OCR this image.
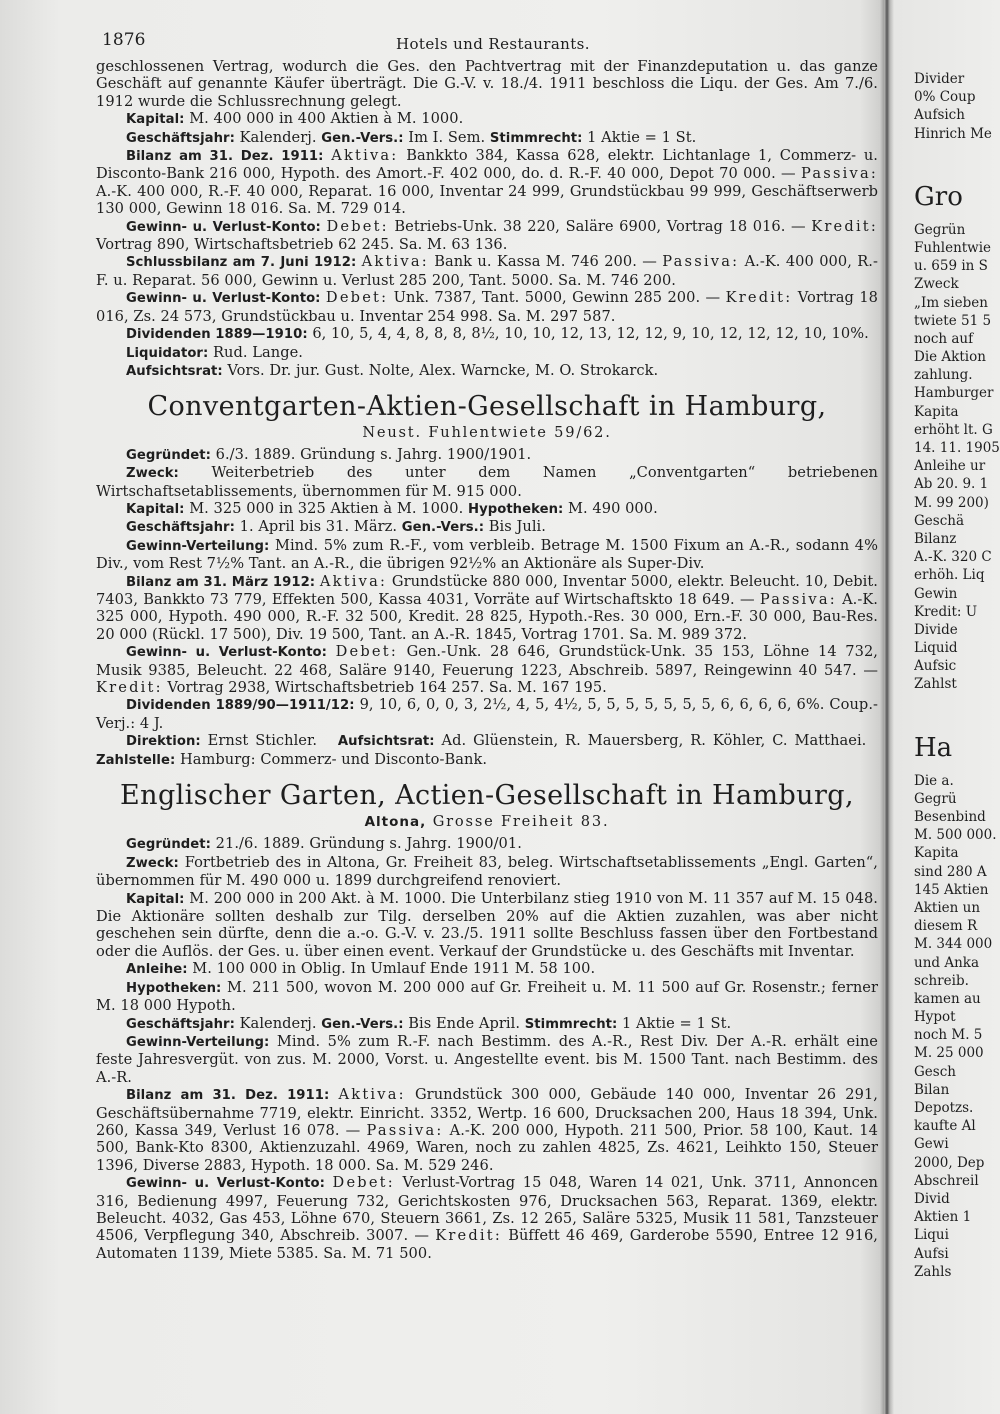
1876	Hotels und Restaurants.

geschlossenen Vertrag, wodurch die Ges. den Pachtvertrag mit der Finanzdeputation u. das ganze Geschäft auf genannte Käufer überträgt. Die G.-V. v. 18./4. 1911 beschloss die Liqu. der Ges. Am 7./6. 1912 wurde die Schlussrechnung gelegt.

Kapital: M. 400 000 in 400 Aktien à M. 1000.

Geschäftsjahr: Kalenderj. Gen.-Vers.: Im I. Sem. Stimmrecht: 1 Aktie = 1 St.

Bilanz am 31. Dez. 1911: Aktiva: Bankkto 384, Kassa 628, elektr. Lichtanlage 1, Commerz- u. Disconto-Bank 216 000, Hypoth. des Amort.-F. 402 000, do. d. R.-F. 40 000, Depot 70 000. — Passiva: A.-K. 400 000, R.-F. 40 000, Reparat. 16 000, Inventar 24 999, Grundstückbau 99 999, Geschäftserwerb 130 000, Gewinn 18 016. Sa. M. 729 014.

Gewinn- u. Verlust-Konto: Debet: Betriebs-Unk. 38 220, Saläre 6900, Vortrag 18 016. — Kredit: Vortrag 890, Wirtschaftsbetrieb 62 245. Sa. M. 63 136.

Schlussbilanz am 7. Juni 1912: Aktiva: Bank u. Kassa M. 746 200. — Passiva: A.-K. 400 000, R.-F. u. Reparat. 56 000, Gewinn u. Verlust 285 200, Tant. 5000. Sa. M. 746 200.

Gewinn- u. Verlust-Konto: Debet: Unk. 7387, Tant. 5000, Gewinn 285 200. — Kredit: Vortrag 18 016, Zs. 24 573, Grundstückbau u. Inventar 254 998. Sa. M. 297 587.

Dividenden 1889—1910: 6, 10, 5, 4, 4, 8, 8, 8, 8½, 10, 10, 12, 13, 12, 12, 9, 10, 12, 12, 12, 10, 10%.

Liquidator: Rud. Lange.

Aufsichtsrat: Vors. Dr. jur. Gust. Nolte, Alex. Warncke, M. O. Strokarck.

Conventgarten-Aktien-Gesellschaft in Hamburg,
Neust. Fuhlentwiete 59/62.

Gegründet: 6./3. 1889. Gründung s. Jahrg. 1900/1901.

Zweck: Weiterbetrieb des unter dem Namen „Conventgarten“ betriebenen Wirtschaftsetablissements, übernommen für M. 915 000.

Kapital: M. 325 000 in 325 Aktien à M. 1000. Hypotheken: M. 490 000.

Geschäftsjahr: 1. April bis 31. März. Gen.-Vers.: Bis Juli.

Gewinn-Verteilung: Mind. 5% zum R.-F., vom verbleib. Betrage M. 1500 Fixum an A.-R., sodann 4% Div., vom Rest 7½% Tant. an A.-R., die übrigen 92½% an Aktionäre als Super-Div.

Bilanz am 31. März 1912: Aktiva: Grundstücke 880 000, Inventar 5000, elektr. Beleucht. 10, Debit. 7403, Bankkto 73 779, Effekten 500, Kassa 4031, Vorräte auf Wirtschaftskto 18 649. — Passiva: A.-K. 325 000, Hypoth. 490 000, R.-F. 32 500, Kredit. 28 825, Hypoth.-Res. 30 000, Ern.-F. 30 000, Bau-Res. 20 000 (Rückl. 17 500), Div. 19 500, Tant. an A.-R. 1845, Vortrag 1701. Sa. M. 989 372.

Gewinn- u. Verlust-Konto: Debet: Gen.-Unk. 28 646, Grundstück-Unk. 35 153, Löhne 14 732, Musik 9385, Beleucht. 22 468, Saläre 9140, Feuerung 1223, Abschreib. 5897, Reingewinn 40 547. — Kredit: Vortrag 2938, Wirtschaftsbetrieb 164 257. Sa. M. 167 195.

Dividenden 1889/90—1911/12: 9, 10, 6, 0, 0, 3, 2½, 4, 5, 4½, 5, 5, 5, 5, 5, 5, 5, 6, 6, 6, 6, 6%. Coup.-Verj.: 4 J.

Direktion: Ernst Stichler. Aufsichtsrat: Ad. Glüenstein, R. Mauersberg, R. Köhler, C. Matthaei.   Zahlstelle: Hamburg: Commerz- und Disconto-Bank.

Englischer Garten, Actien-Gesellschaft in Hamburg,
Altona, Grosse Freiheit 83.

Gegründet: 21./6. 1889. Gründung s. Jahrg. 1900/01.

Zweck: Fortbetrieb des in Altona, Gr. Freiheit 83, beleg. Wirtschaftsetablissements „Engl. Garten“, übernommen für M. 490 000 u. 1899 durchgreifend renoviert.

Kapital: M. 200 000 in 200 Akt. à M. 1000. Die Unterbilanz stieg 1910 von M. 11 357 auf M. 15 048. Die Aktionäre sollten deshalb zur Tilg. derselben 20% auf die Aktien zuzahlen, was aber nicht geschehen sein dürfte, denn die a.-o. G.-V. v. 23./5. 1911 sollte Beschluss fassen über den Fortbestand oder die Auflös. der Ges. u. über einen event. Verkauf der Grundstücke u. des Geschäfts mit Inventar.

Anleihe: M. 100 000 in Oblig. In Umlauf Ende 1911 M. 58 100.

Hypotheken: M. 211 500, wovon M. 200 000 auf Gr. Freiheit u. M. 11 500 auf Gr. Rosenstr.; ferner M. 18 000 Hypoth.

Geschäftsjahr: Kalenderj. Gen.-Vers.: Bis Ende April. Stimmrecht: 1 Aktie = 1 St.

Gewinn-Verteilung: Mind. 5% zum R.-F. nach Bestimm. des A.-R., Rest Div. Der A.-R. erhält eine feste Jahresvergüt. von zus. M. 2000, Vorst. u. Angestellte event. bis M. 1500 Tant. nach Bestimm. des A.-R.

Bilanz am 31. Dez. 1911: Aktiva: Grundstück 300 000, Gebäude 140 000, Inventar 26 291, Geschäftsübernahme 7719, elektr. Einricht. 3352, Wertp. 16 600, Drucksachen 200, Haus 18 394, Unk. 260, Kassa 349, Verlust 16 078. — Passiva: A.-K. 200 000, Hypoth. 211 500, Prior. 58 100, Kaut. 14 500, Bank-Kto 8300, Aktienzuzahl. 4969, Waren, noch zu zahlen 4825, Zs. 4621, Leihkto 150, Steuer 1396, Diverse 2883, Hypoth. 18 000. Sa. M. 529 246.

Gewinn- u. Verlust-Konto: Debet: Verlust-Vortrag 15 048, Waren 14 021, Unk. 3711, Annoncen 316, Bedienung 4997, Feuerung 732, Gerichtskosten 976, Drucksachen 563, Reparat. 1369, elektr. Beleucht. 4032, Gas 453, Löhne 670, Steuern 3661, Zs. 12 265, Saläre 5325, Musik 11 581, Tanzsteuer 4506, Verpflegung 340, Abschreib. 3007. — Kredit: Büffett 46 469, Garderobe 5590, Entree 12 916, Automaten 1139, Miete 5385. Sa. M. 71 500.

Divider
0% Coup
Aufsich
Hinrich Me
Gro
Gegrün
Fuhlentwie
u. 659 in S
Zweck
„Im sieben
twiete 51 5
noch auf
Die Aktion
zahlung.
Hamburger
Kapita
erhöht lt. G
14. 11. 1905
Anleihe ur
Ab 20. 9. 1
M. 99 200)
Geschä
Bilanz
A.-K. 320 C
erhöh. Liq
Gewin
Kredit: U
Divide
Liquid
Aufsic
Zahlst
Ha
Die a.
Gegrü
Besenbind
M. 500 000.
Kapita
sind 280 A
145 Aktien
Aktien un
diesem R
M. 344 000
und Anka
schreib.
kamen au
Hypot
noch M. 5
M. 25 000
Gesch
Bilan
Depotzs.
kaufte Al
Gewi
2000, Dep
Abschreil
Divid
Aktien 1
Liqui
Aufsi
Zahls
